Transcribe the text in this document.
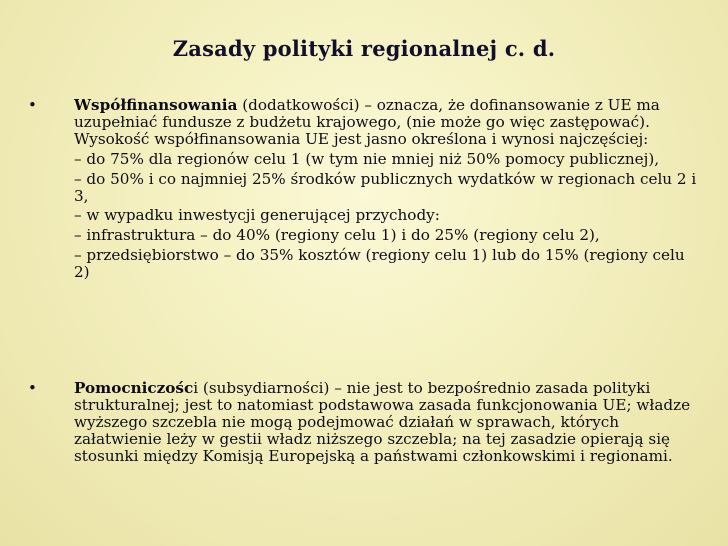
Zasady polityki regionalnej c. d.
•	Współfinansowania (dodatkowości) – oznacza, że dofinansowanie z UE ma uzupełniać fundusze z budżetu krajowego, (nie może go więc zastępować). Wysokość współfinansowania UE jest jasno określona i wynosi najczęściej:
– do 75% dla regionów celu 1 (w tym nie mniej niż 50% pomocy publicznej),
– do 50% i co najmniej 25% środków publicznych wydatków w regionach celu 2 i 3,
– w wypadku inwestycji generującej przychody:
– infrastruktura – do 40% (regiony celu 1) i do 25% (regiony celu 2),
– przedsiębiorstwo – do 35% kosztów (regiony celu 1) lub do 15% (regiony celu 2)
•	Pomocniczości (subsydiarności) – nie jest to bezpośrednio zasada polityki strukturalnej; jest to natomiast podstawowa zasada funkcjonowania UE; władze wyższego szczebla nie mogą podejmować działań w sprawach, których załatwienie leży w gestii władz niższego szczebla; na tej zasadzie opierają się stosunki między Komisją Europejską a państwami członkowskimi i regionami.
